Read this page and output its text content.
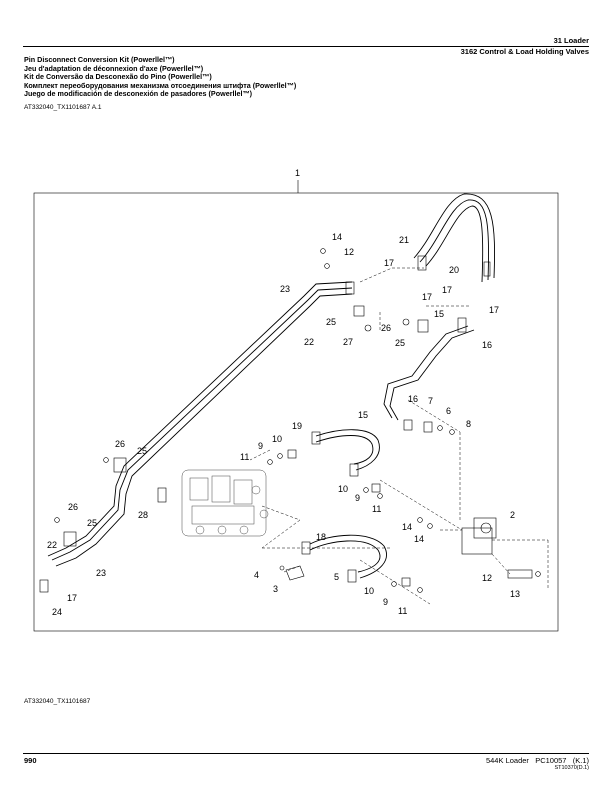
31 Loader
3162 Control & Load Holding Valves
Pin Disconnect Conversion Kit (Powerllel™)
Jeu d'adaptation de déconnexion d'axe (Powerllel™)
Kit de Conversão da Desconexão do Pino (Powerllel™)
Комплект переоборудования механизма отсоединения штифта (Powerllel™)
Juego de modificación de desconexión de pasadores (Powerllel™)
AT332040_TX1101687 A.1
1
2
3
4	5
6
7
8
9
9
9
10
10
10
11
11
11
12
12
13
14
14
14
15
15
16
16
17
17
17
17
17
18
19
20
21
22
22
23
23
24
25
25
25
25
26
26
26
27
28
AT332040_TX1101687
990	544K Loader PC10057 (K.1)
ST10370(D.1)
